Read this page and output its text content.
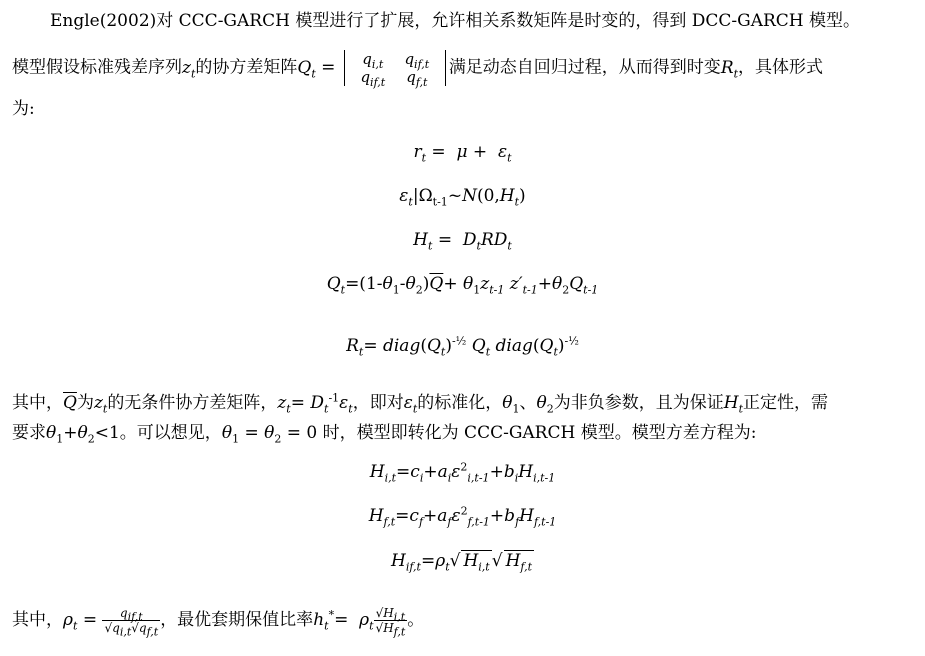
Engle(2002)对 CCC-GARCH 模型进行了扩展，允许相关系数矩阵是时变的，得到 DCC-GARCH 模型。
模型假设标准残差序列$z_t$的协方差矩阵$Q_t = q_{i,t}$ $q_{if,t}$
$q_{if,t}$ $q_{f,t}$满足动态自回归过程，从而得到时变$R_t$，具体形式
为:
$r_t = \mu + \varepsilon_t$
$\varepsilon_t|\Omega_{t-1}\sim N(0,H_t)$
$H_t = D_tRD_t$
$Q_t=(1-\theta_1-\theta_2)\overline{Q}+ \theta_1z_{t-1}$ $z'_{t-1}+\theta_2Q_{t-1}$
$R_t=$ $diag(Q_t)^{-\frac{1}{2}}$ $Q_t$ $diag(Q_t)^{-\frac{1}{2}}$
其中，$\overline{Q}$为$z_t$的无条件协方差矩阵，$z_t= D_t^{-1}\varepsilon_t$，即对$\varepsilon_t$的标准化，$\theta_1$、$\theta_2$为非负参数，且为保证$H_t$正定性，需
要求$\theta_1+\theta_2<1$。可以想见，$\theta_1 = \theta_2 = 0$ 时，模型即转化为 CCC-GARCH 模型。模型方差方程为:
$H_{i,t}=c_i+a_i\varepsilon^2_{i,t-1}+b_iH_{i,t-1}$
$H_{f,t}=c_f+a_f\varepsilon^2_{f,t-1}+b_fH_{f,t-1}$
$H_{if,t}=\rho_t√$ $H_{i,t}$ √ $H_{f,t}$
其中，$\rho_t = \frac{q_{if,t}}{√q_{i,t}√q_{f,t}}$ ，最优套期保值比率$h_t^*= \rho_t \frac{√H_{i,t}}{√H_{f,t}}$ 。
